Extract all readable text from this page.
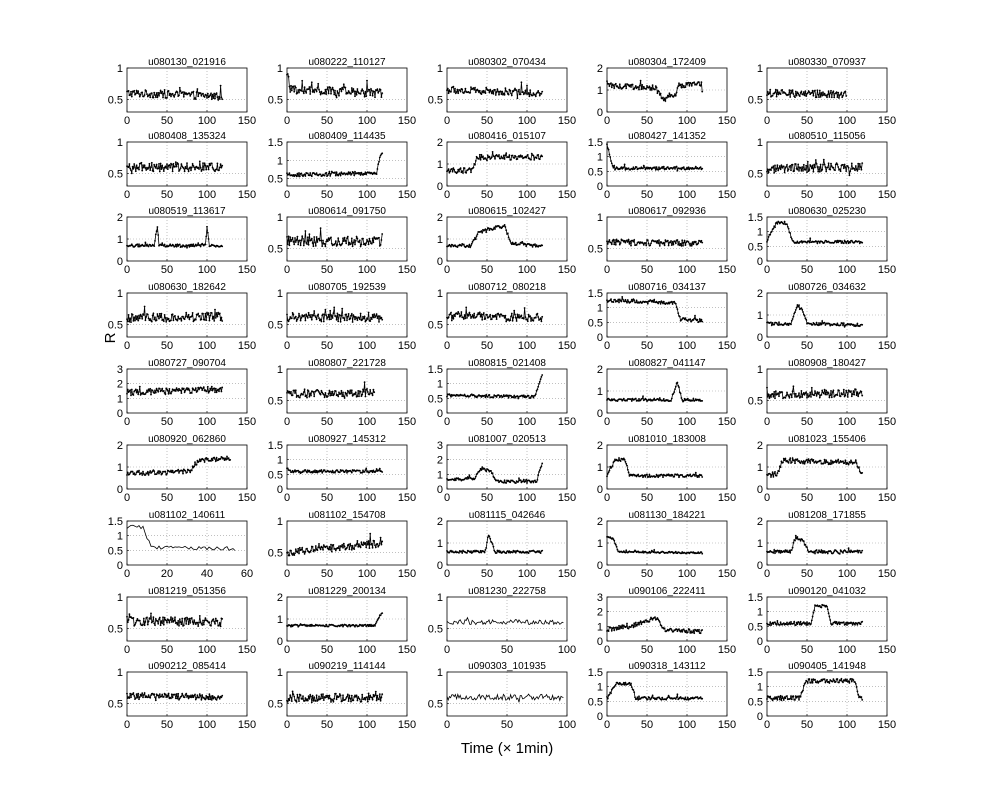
R
Time (× 1min)
0	50 100 150
0.5
1
u080130_021916
0	50 100 150
0.5
1
u080222_110127
0	50 100 150
0.5
1
u080302_070434
0	50 100 150
0
1
2
u080304_172409
0	50 100 150
0.5
1
u080330_070937
0	50 100 150
0.5
1
u080408_135324
0	50 100 150
0.5
1
1.5
u080409_114435
0	50 100 150
0
1
2
u080416_015107
0	50 100 150
0
0.5
1
1.5
u080427_141352
0	50 100 150
0.5
1
u080510_115056
0	50 100 150
0
1
2
u080519_113617
0	50 100 150
0.5
1
u080614_091750
0	50 100 150
0
1
2
u080615_102427
0	50 100 150
0.5
1
u080617_092936
0	50 100 150
0
0.5
1
1.5
u080630_025230
0	50 100 150
0.5
1
u080630_182642
0	50 100 150
0.5
1
u080705_192539
0	50 100 150
0.5
1
u080712_080218
0	50 100 150
0
0.5
1
1.5
u080716_034137
0	50 100 150
0
1
2
u080726_034632
0	50 100 150
0
1
2
3
u080727_090704
0	50 100 150
0.5
1
u080807_221728
0	50 100 150
0
0.5
1
1.5
u080815_021408
0	50 100 150
0
1
2
u080827_041147
0	50 100 150
0.5
1
u080908_180427
0	50 100 150
0
1
2
u080920_062860
0	50 100 150
0
0.5
1
1.5
u080927_145312
0	50 100 150
0
1
2
3
u081007_020513
0	50 100 150
0
1
2
u081010_183008
0	50 100 150
0
1
2
u081023_155406
0	20	40	60
0
0.5
1
1.5
u081102_140611
0	50 100 150
0.5
1
u081102_154708
0	50 100 150
0
1
2
u081115_042646
0	50 100 150
0
1
2
u081130_184221
0	50 100 150
0
1
2
u081208_171855
0	50 100 150
0.5
1
u081219_051356
0	50 100 150
0
1
2
u081229_200134
0	50	100
0.5
1
u081230_222758
0	50 100 150
0
1
2
3
u090106_222411
0	50 100 150
0
0.5
1
1.5
u090120_041032
0	50 100 150
0.5
1
u090212_085414
0	50 100 150
0.5
1
u090219_114144
0	50	100
0.5
1
u090303_101935
0	50 100 150
0
0.5
1
1.5
u090318_143112
0	50 100 150
0
0.5
1
1.5
u090405_141948
